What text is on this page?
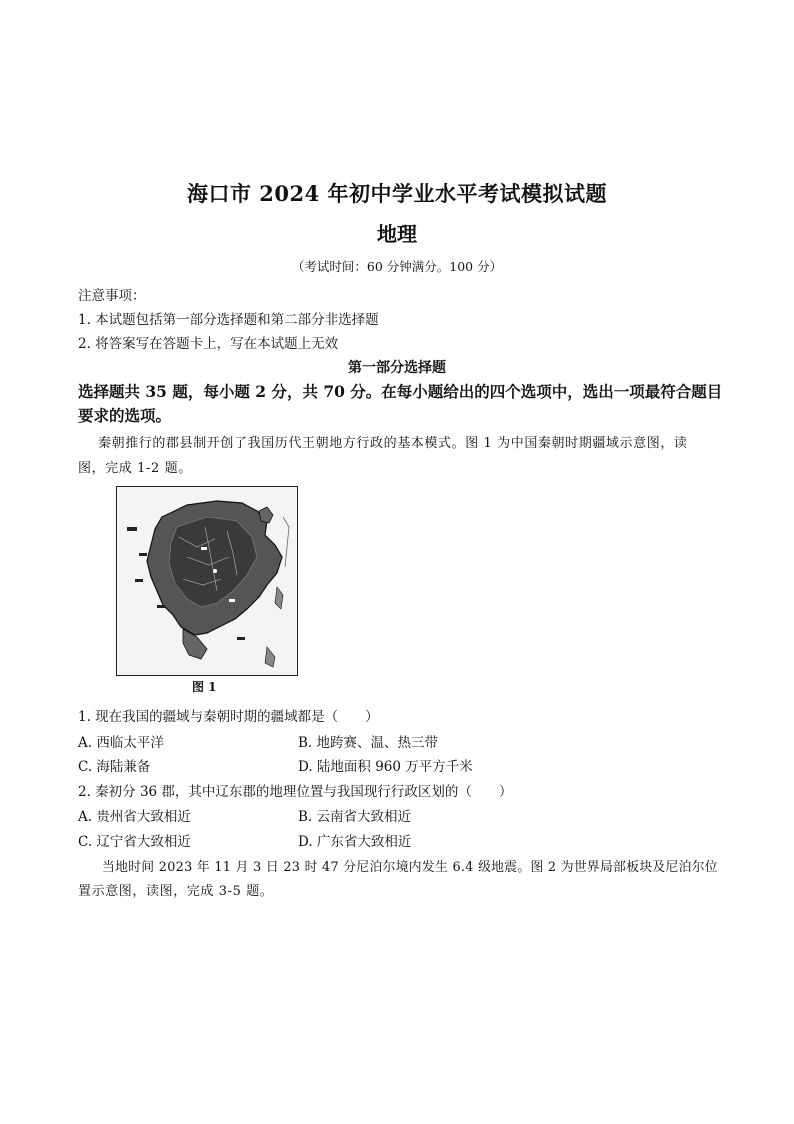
海口市 2024 年初中学业水平考试模拟试题
地理
（考试时间：60 分钟满分。100 分）
注意事项：
1. 本试题包括第一部分选择题和第二部分非选择题
2. 将答案写在答题卡上，写在本试题上无效
第一部分选择题
选择题共 35 题，每小题 2 分，共 70 分。在每小题给出的四个选项中，选出一项最符合题目
要求的选项。
秦朝推行的郡县制开创了我国历代王朝地方行政的基本模式。图 1 为中国秦朝时期疆域示意图，读
图，完成 1-2 题。
图 1
1. 现在我国的疆域与秦朝时期的疆域都是（　　）
A. 西临太平洋	B. 地跨赛、温、热三带
C. 海陆兼备	D. 陆地面积 960 万平方千米
2. 秦初分 36 郡，其中辽东郡的地理位置与我国现行行政区划的（　　）
A. 贵州省大致相近	B. 云南省大致相近
C. 辽宁省大致相近	D. 广东省大致相近
当地时间 2023 年 11 月 3 日 23 时 47 分尼泊尔境内发生 6.4 级地震。图 2 为世界局部板块及尼泊尔位
置示意图，读图，完成 3-5 题。
